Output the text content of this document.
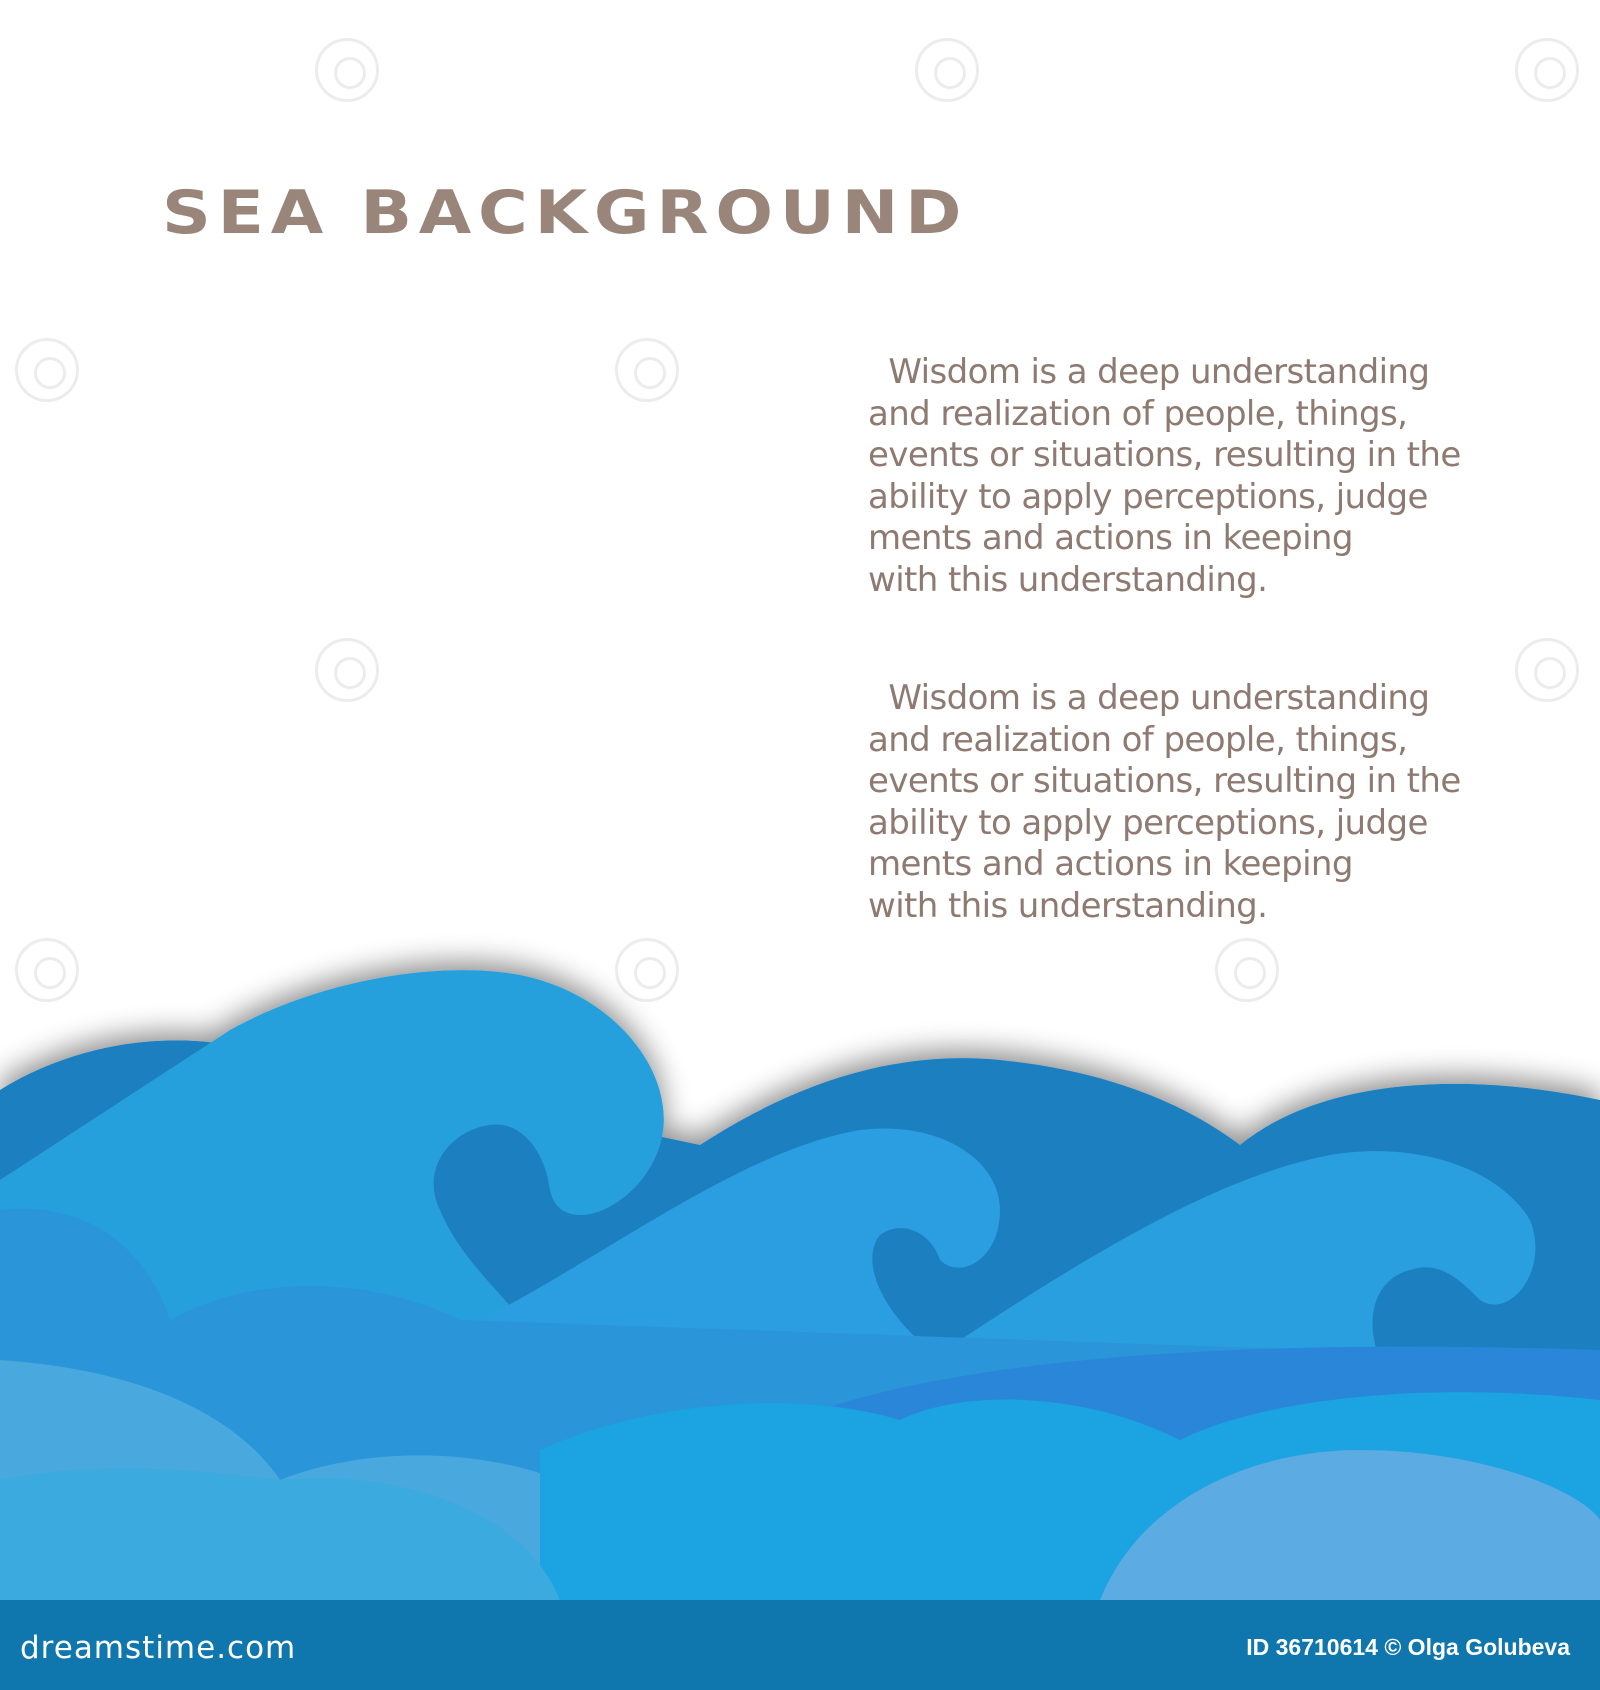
SEA BACKGROUND
Wisdom is a deep understanding
and realization of people, things,
events or situations, resulting in the
ability to apply perceptions, judge
ments and actions in keeping
with this understanding.
Wisdom is a deep understanding
and realization of people, things,
events or situations, resulting in the
ability to apply perceptions, judge
ments and actions in keeping
with this understanding.
dreamstime.com	ID 36710614 © Olga Golubeva
